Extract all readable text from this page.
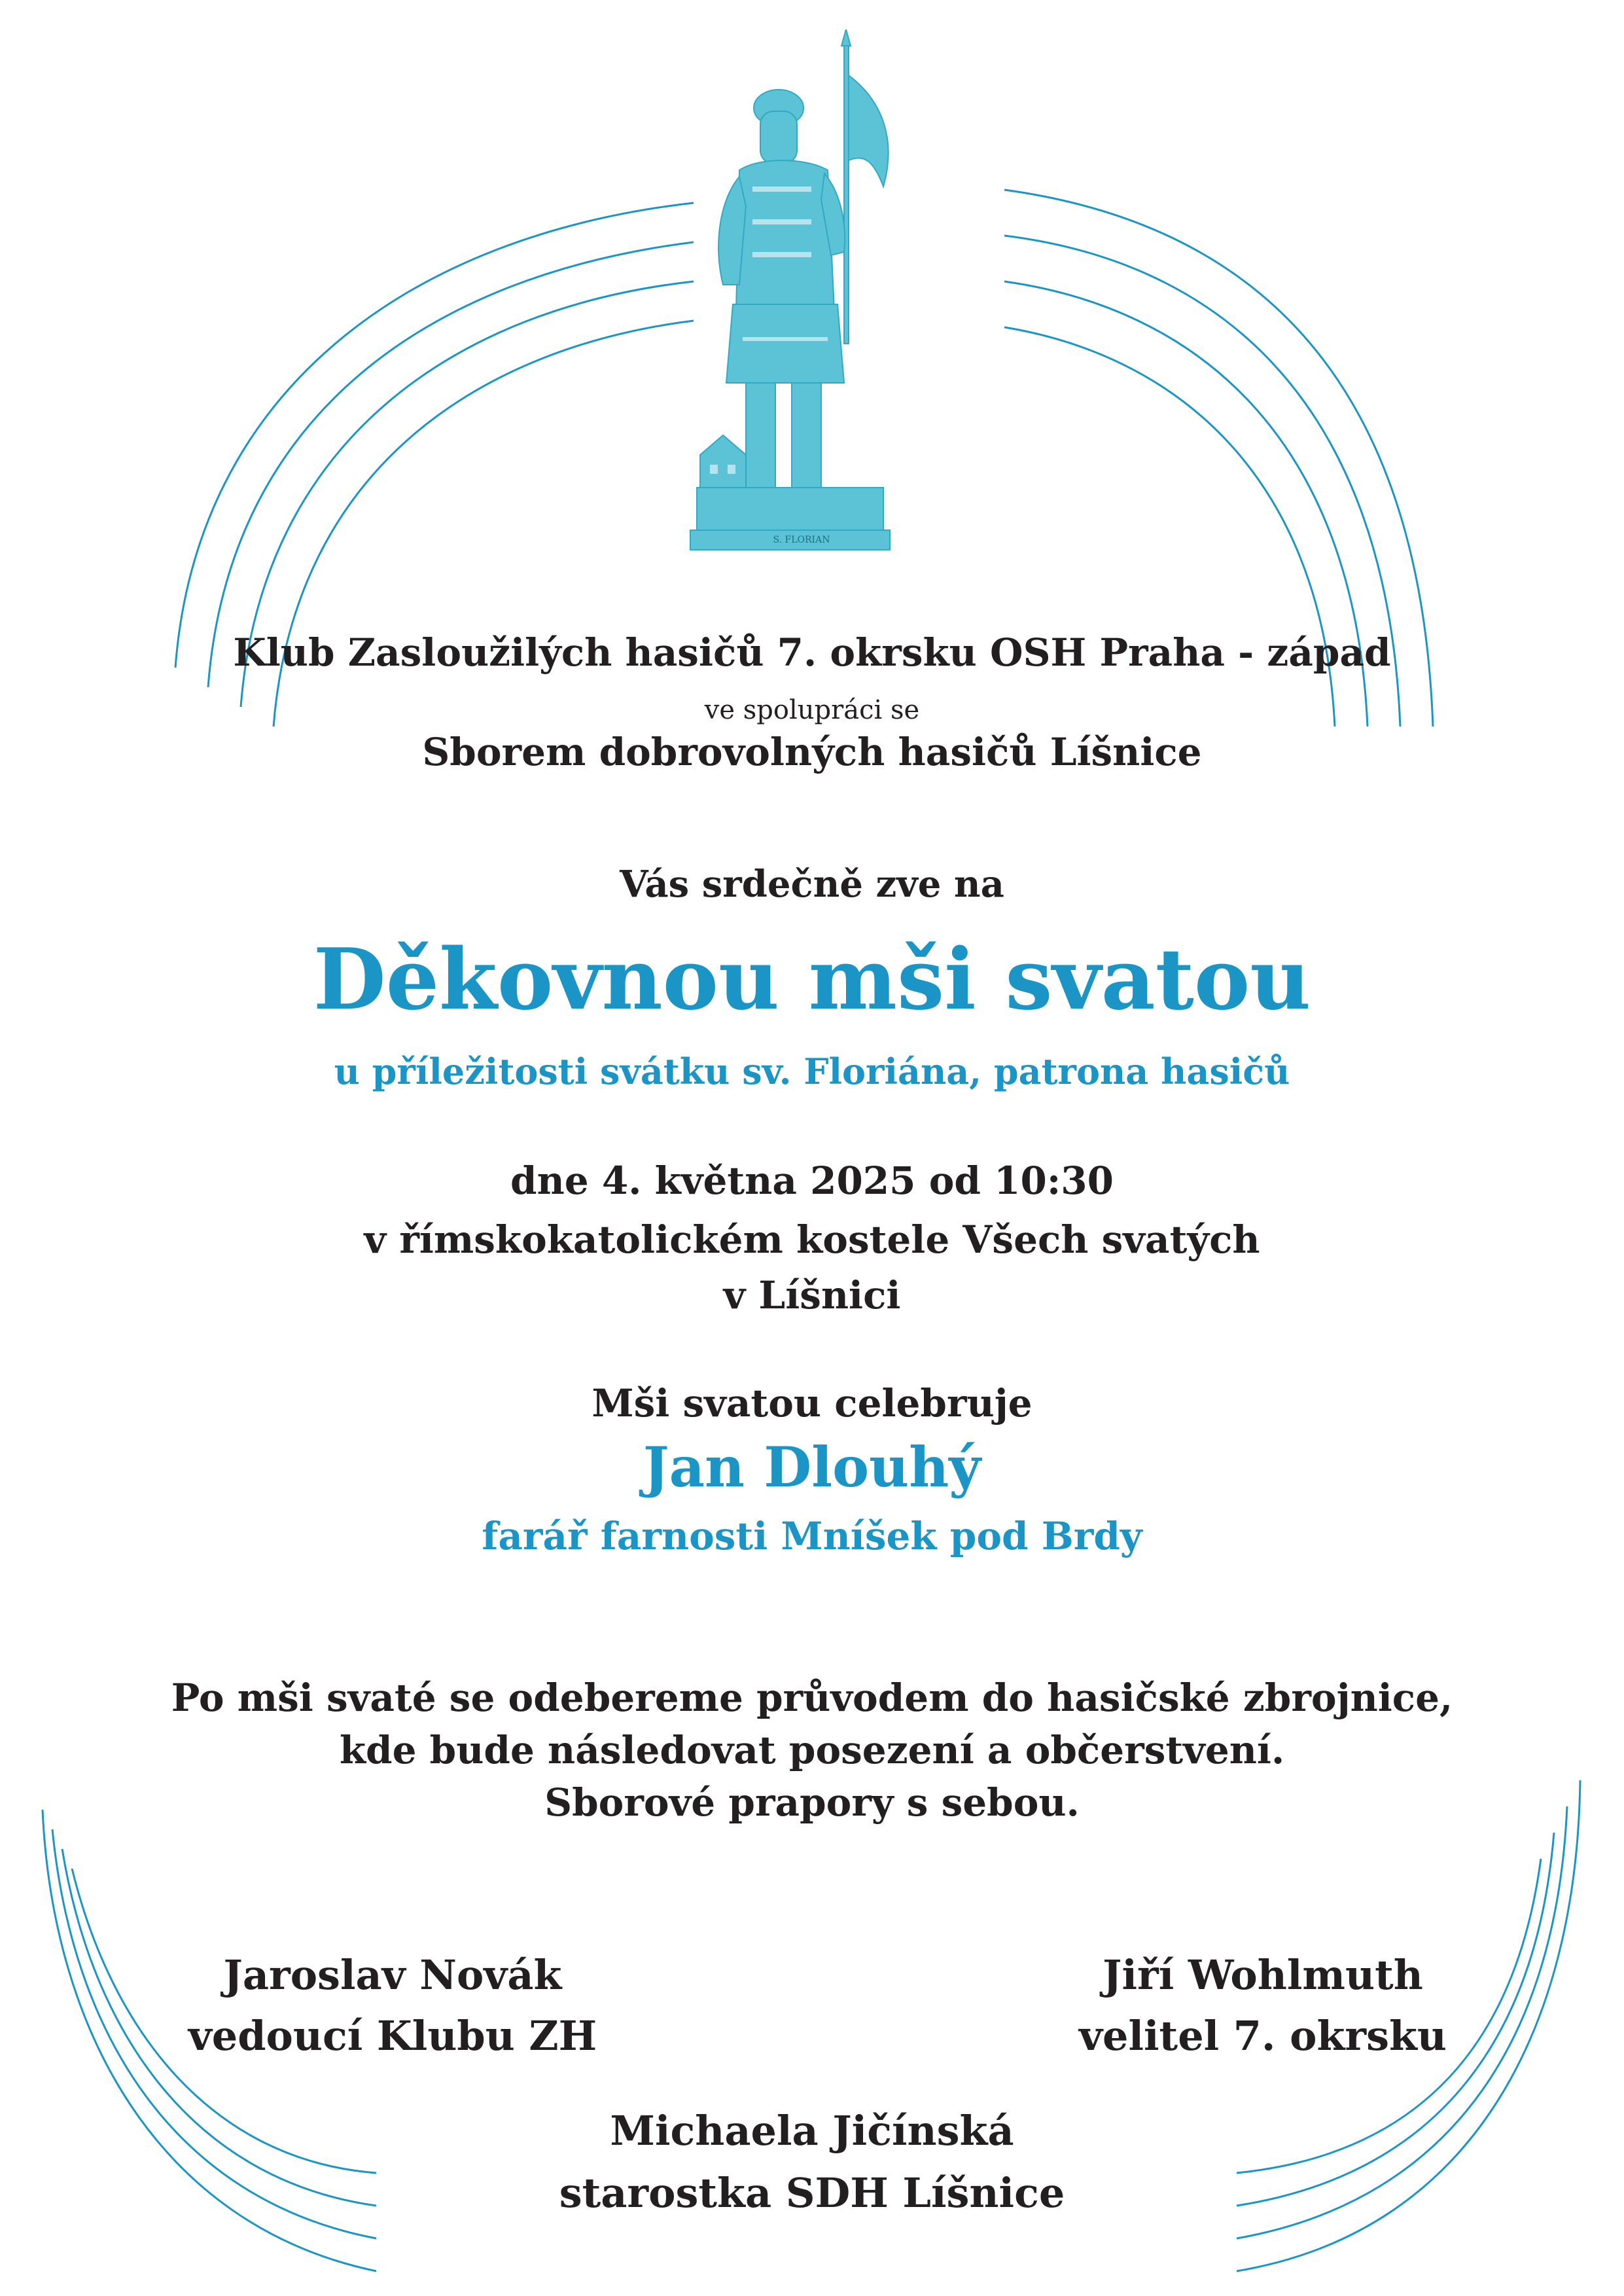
S. FLORIAN
Klub Zasloužilých hasičů 7. okrsku OSH Praha - západ
ve spolupráci se
Sborem dobrovolných hasičů Líšnice
Vás srdečně zve na
Děkovnou mši svatou
u příležitosti svátku sv. Floriána, patrona hasičů
dne 4. května 2025 od 10:30
v římskokatolickém kostele Všech svatých
v Líšnici
Mši svatou celebruje
Jan Dlouhý
farář farnosti Mníšek pod Brdy
Po mši svaté se odebereme průvodem do hasičské zbrojnice,
kde bude následovat posezení a občerstvení.
Sborové prapory s sebou.
Jaroslav Novák
vedoucí Klubu ZH
Jiří Wohlmuth
velitel 7. okrsku
Michaela Jičínská
starostka SDH Líšnice
